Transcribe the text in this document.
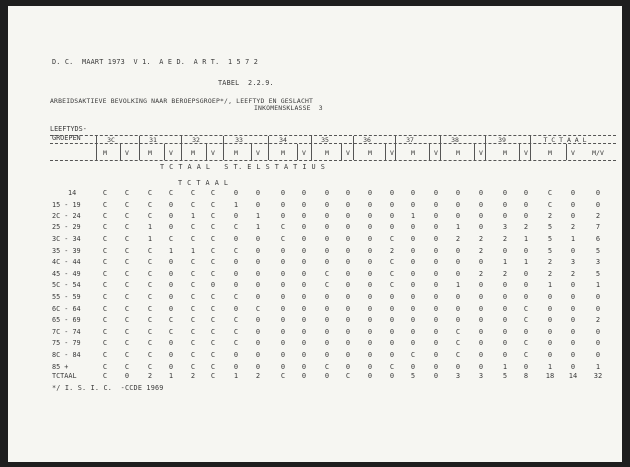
D. C.  MAART 1973  V 1.  A E D.  A R T.  1 5 7 2
TABEL  2.2.9.
ARBEIDSAKTIEVE BEVOLKING NAAR BEROEPSGROEP*/, LEEFTYD EN GESLACHT
INKOMENSKLASSE  3
LEEFTYDS-
GROEPEN	3C	31	32	33	34	35	36	37	38	39	T C T A A L
M	V	M	V	M	V	M	V	M	V	M	V	M	V	M	V	M	V	M	V	M	V	M/V
T C T A A L   S T. E L S T A T I U S
T C T A A L
14	C	C	C	C	C	C	0	0	0	0	0	0	0	0	0	0	0	0	0	0	C	0	0
15 - 19	C	C	C	0	C	C	1	0	0	0	0	0	0	0	0	0	0	0	0	0	C	0	0
2C - 24	C	C	C	0	1	C	0	1	0	0	0	0	0	0	1	0	0	0	0	0	2	0	2
25 - 29	C	C	1	0	C	C	C	1	C	0	0	0	0	0	0	0	1	0	3	2	5	2	7
3C - 34	C	C	1	C	C	C	0	0	C	0	0	0	0	C	0	0	2	2	2	1	5	1	6
35 - 39	C	C	C	1	1	C	C	0	0	0	0	0	0	2	0	0	0	2	0	0	5	0	5
4C - 44	C	C	C	0	C	C	0	0	0	0	0	0	0	C	0	0	0	0	1	1	2	3	3
45 - 49	C	C	C	0	C	C	0	0	0	0	C	0	0	C	0	0	0	2	2	0	2	2	5
5C - 54	C	C	C	0	C	0	0	0	0	0	C	0	0	C	0	0	1	0	0	0	1	0	1
55 - 59	C	C	C	0	C	C	C	0	0	0	0	0	0	0	0	0	0	0	0	0	0	0	0
6C - 64	C	C	C	0	C	C	0	C	0	0	0	0	0	0	0	0	0	0	0	C	0	0	0
65 - 69	C	C	C	C	C	C	C	0	0	0	0	0	0	0	0	0	0	0	0	C	0	0	2
7C - 74	C	C	C	C	C	C	C	0	0	0	0	0	0	0	0	0	C	0	0	0	0	0	0
75 - 79	C	C	C	0	C	C	C	0	0	0	0	0	0	0	0	0	C	0	0	C	0	0	0
8C - 84	C	C	C	0	C	C	0	0	0	0	0	0	0	0	C	0	C	0	0	C	0	0	0
85 +	C	C	C	0	C	C	0	0	0	0	C	0	0	C	0	0	0	0	1	0	1	0	1
TCTAAL	C	0	2	1	2	C	1	2	C	0	0	C	0	0	5	0	3	3	5	8	18	14	32
*/ I. S. I. C.  -CCDE 1969
